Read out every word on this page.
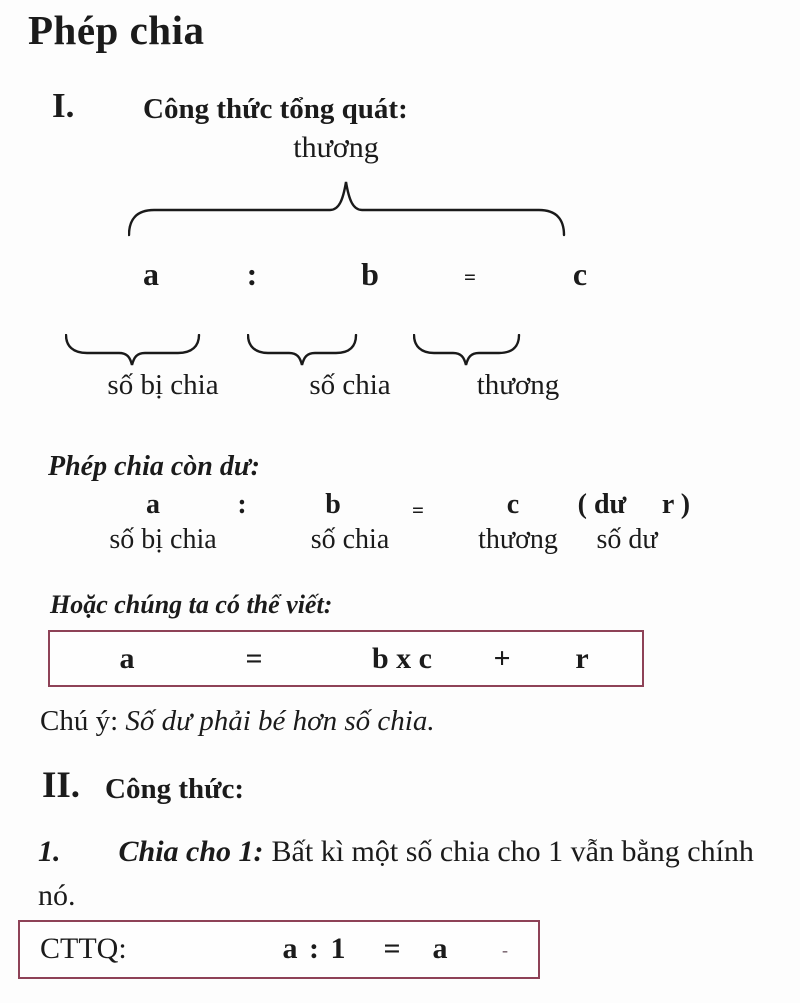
Phép chia
I. Công thức tổng quát:
thương
a	:	b	=	c
số bị chia	số chia	thương
Phép chia còn dư:
a	:	b	=	c ( dư r )
số bị chia	số chia	thương số dư
Hoặc chúng ta có thể viết:
a	=	b x c + r
Chú ý: Số dư phải bé hơn số chia.
II. Công thức:
1. Chia cho 1: Bất kì một số chia cho 1 vẫn bằng chính nó.
CTTQ:	a : 1 = a	-
